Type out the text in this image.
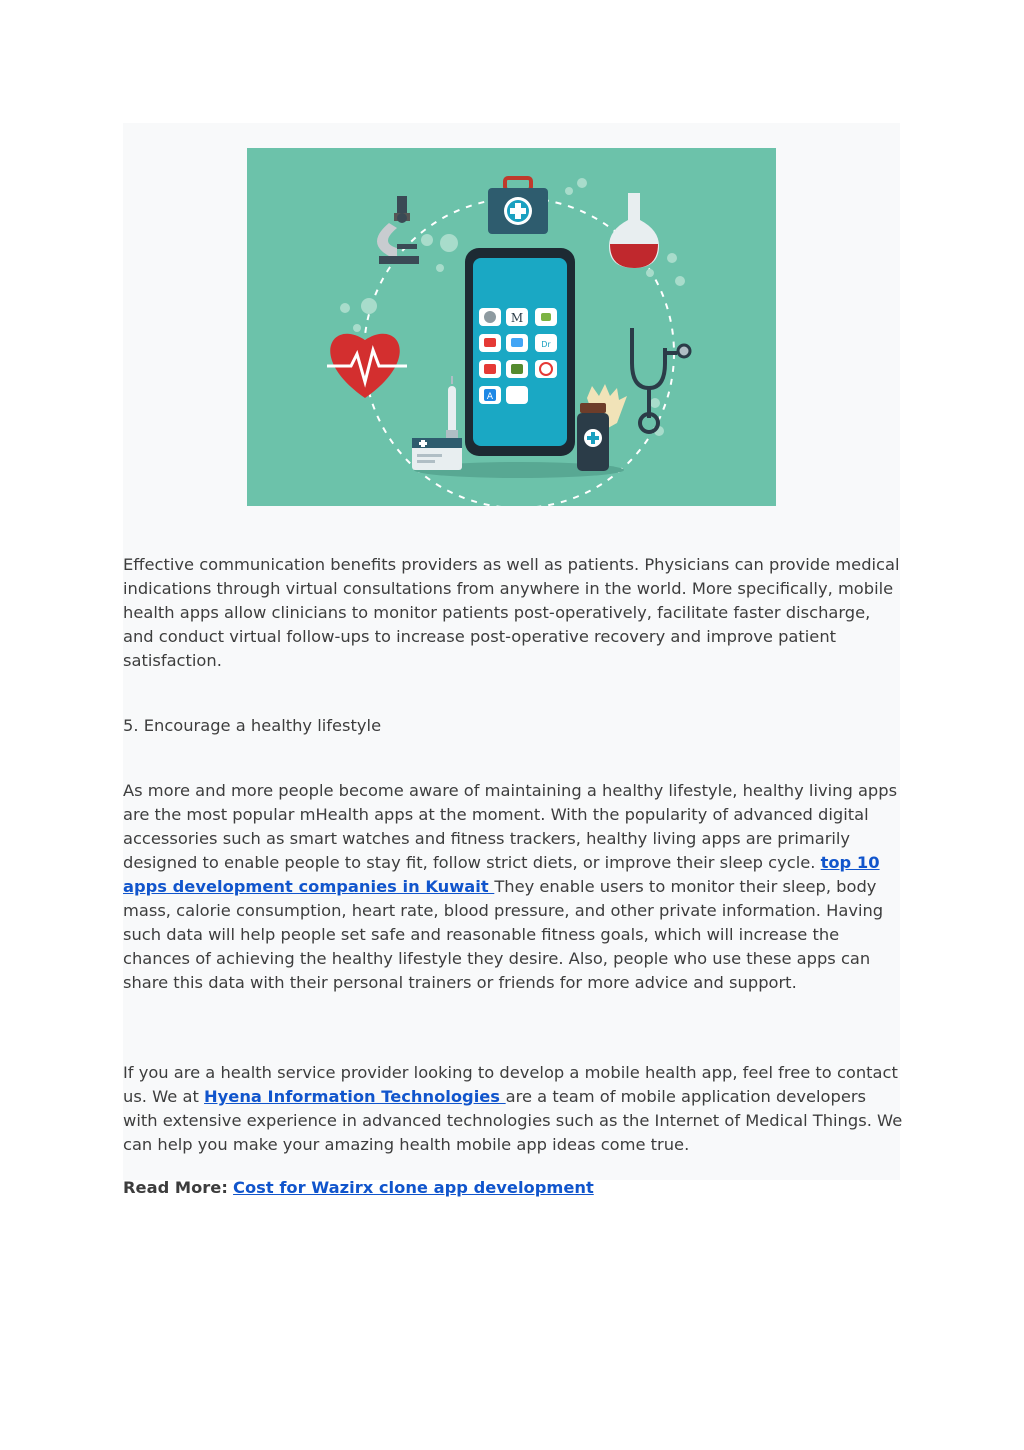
M
Dr
A

Effective communication benefits providers as well as patients. Physicians can provide medical indications through virtual consultations from anywhere in the world. More specifically, mobile health apps allow clinicians to monitor patients post-operatively, facilitate faster discharge, and conduct virtual follow-ups to increase post-operative recovery and improve patient satisfaction.

5. Encourage a healthy lifestyle

As more and more people become aware of maintaining a healthy lifestyle, healthy living apps are the most popular mHealth apps at the moment. With the popularity of advanced digital accessories such as smart watches and fitness trackers, healthy living apps are primarily designed to enable people to stay fit, follow strict diets, or improve their sleep cycle. top 10 apps development companies in Kuwait They enable users to monitor their sleep, body mass, calorie consumption, heart rate, blood pressure, and other private information. Having such data will help people set safe and reasonable fitness goals, which will increase the chances of achieving the healthy lifestyle they desire. Also, people who use these apps can share this data with their personal trainers or friends for more advice and support.

If you are a health service provider looking to develop a mobile health app, feel free to contact us. We at Hyena Information Technologies are a team of mobile application developers with extensive experience in advanced technologies such as the Internet of Medical Things. We can help you make your amazing health mobile app ideas come true.

Read More: Cost for Wazirx clone app development
